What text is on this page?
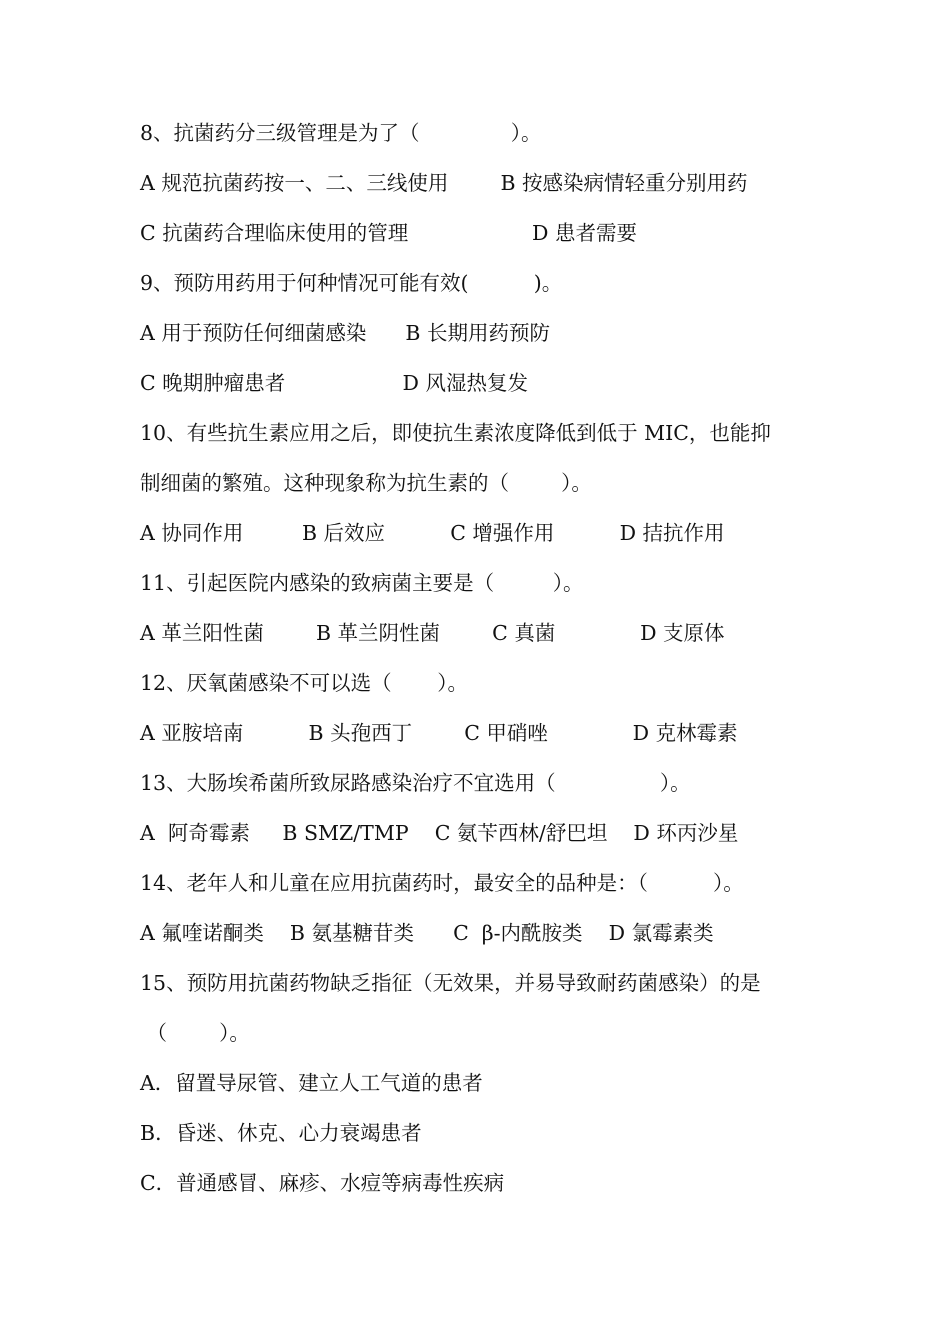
8、抗菌药分三级管理是为了（              ）。
A 规范抗菌药按一、二、三线使用        B 按感染病情轻重分别用药
C 抗菌药合理临床使用的管理                   D 患者需要
9、预防用药用于何种情况可能有效(          )。
A 用于预防任何细菌感染      B 长期用药预防
C 晚期肿瘤患者                  D 风湿热复发
10、有些抗生素应用之后，即使抗生素浓度降低到低于 MIC，也能抑
制细菌的繁殖。这种现象称为抗生素的（        ）。
A 协同作用         B 后效应          C 增强作用          D 拮抗作用
11、引起医院内感染的致病菌主要是（         ）。
A 革兰阳性菌        B 革兰阴性菌        C 真菌             D 支原体
12、厌氧菌感染不可以选（       ）。
A 亚胺培南          B 头孢西丁        C 甲硝唑             D 克林霉素
13、大肠埃希菌所致尿路感染治疗不宜选用（                ）。
A  阿奇霉素     B SMZ/TMP    C 氨苄西林/舒巴坦    D 环丙沙星
14、老年人和儿童在应用抗菌药时，最安全的品种是：（          ）。
A 氟喹诺酮类    B 氨基糖苷类      C  β-内酰胺类    D 氯霉素类
15、预防用抗菌药物缺乏指征（无效果，并易导致耐药菌感染）的是
（        ）。
A．留置导尿管、建立人工气道的患者
B．昏迷、休克、心力衰竭患者
C．普通感冒、麻疹、水痘等病毒性疾病
